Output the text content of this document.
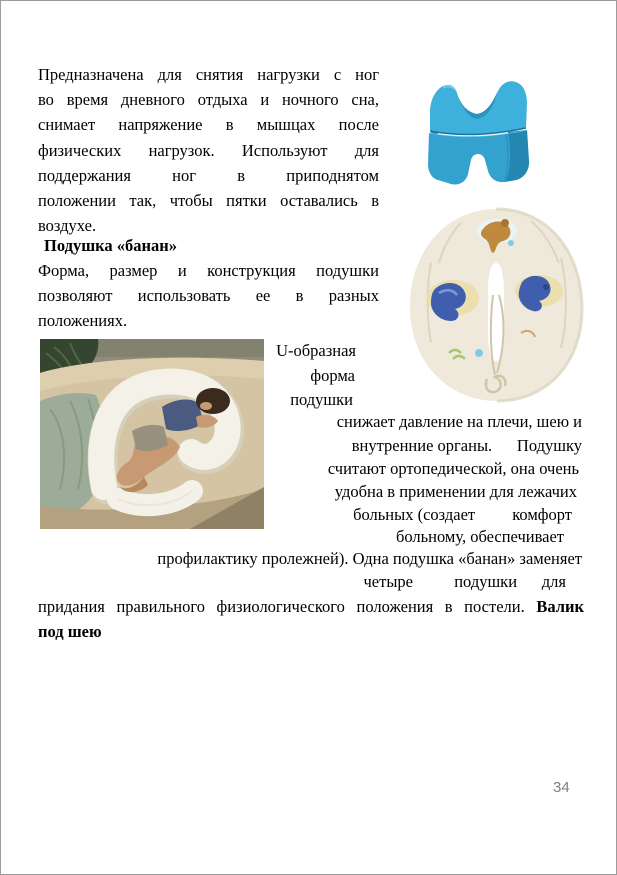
Предназначена для снятия нагрузки с ног
во время дневного отдыха и ночного сна,
снимает напряжение в мышцах после
физических нагрузок. Используют для
поддержания ног в приподнятом
положении так, чтобы пятки оставались в
воздухе.
Подушка «банан»
Форма, размер и конструкция подушки
позволяют использовать ее в разных
положениях.
U-образная
форма
подушки
снижает давление на плечи, шею и
внутренние органы.      Подушку
считают ортопедической, она очень
удобна в применении для лежачих
больных (создает         комфорт
больному, обеспечивает
профилактику пролежней). Одна подушка «банан» заменяет
четыре          подушки      для
придания правильного физиологического положения в постели. Валик
под шею
34
